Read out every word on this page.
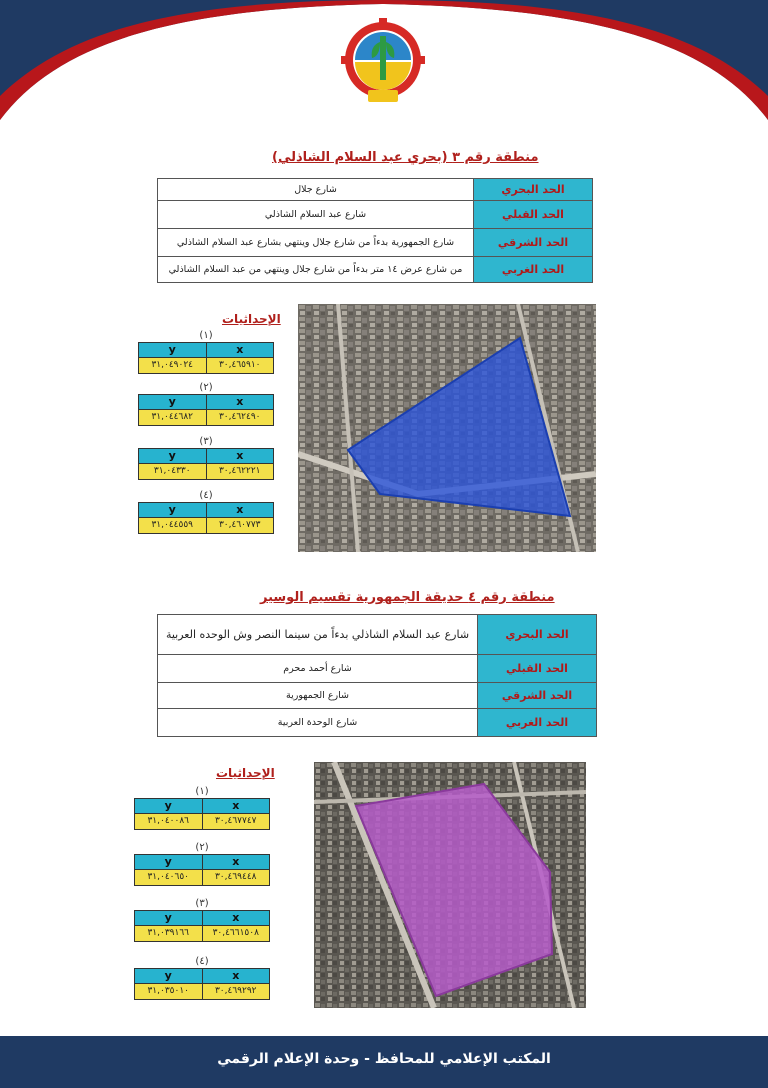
منطقة رقم ٣ (بحري عبد السلام الشاذلي)
الحد البحري	شارع جلال
الحد القبلي	شارع عبد السلام الشاذلي
الحد الشرقي	شارع الجمهورية بدءاً من شارع جلال وينتهي بشارع عبد السلام الشاذلي
الحد الغربي	من شارع عرض ١٤ متر بدءاً من شارع جلال وينتهي من عبد السلام الشاذلي
الإحداثيات
(١)
y	x
٣١,٠٤٩٠٢٤	٣٠,٤٦٥٩١٠
(٢)
y	x
٣١,٠٤٤٦٨٢	٣٠,٤٦٢٤٩٠
(٣)
y	x
٣١,٠٤٣٣٠	٣٠,٤٦٢٢٢١
(٤)
y	x
٣١,٠٤٤٥٥٩	٣٠,٤٦٠٧٧٣
منطقة رقم ٤ حديقة الجمهورية تقسيم الوسير
الحد البحري	شارع عبد السلام الشاذلي بدءاً من سينما النصر وش الوحده العربية
الحد القبلي	شارع أحمد محرم
الحد الشرقي	شارع الجمهورية
الحد الغربي	شارع الوحدة العربية
الإحداثيات
(١)
y	x
٣١,٠٤٠٠٨٦	٣٠,٤٦٧٧٤٧
(٢)
y	x
٣١,٠٤٠٦٥٠	٣٠,٤٦٩٤٤٨
(٣)
y	x
٣١,٠٣٩١٦٦	٣٠,٤٦٦١٥٠٨
(٤)
y	x
٣١,٠٣٥٠١٠	٣٠,٤٦٩٢٩٢
المكتب الإعلامي للمحافظ - وحدة الإعلام الرقمي
